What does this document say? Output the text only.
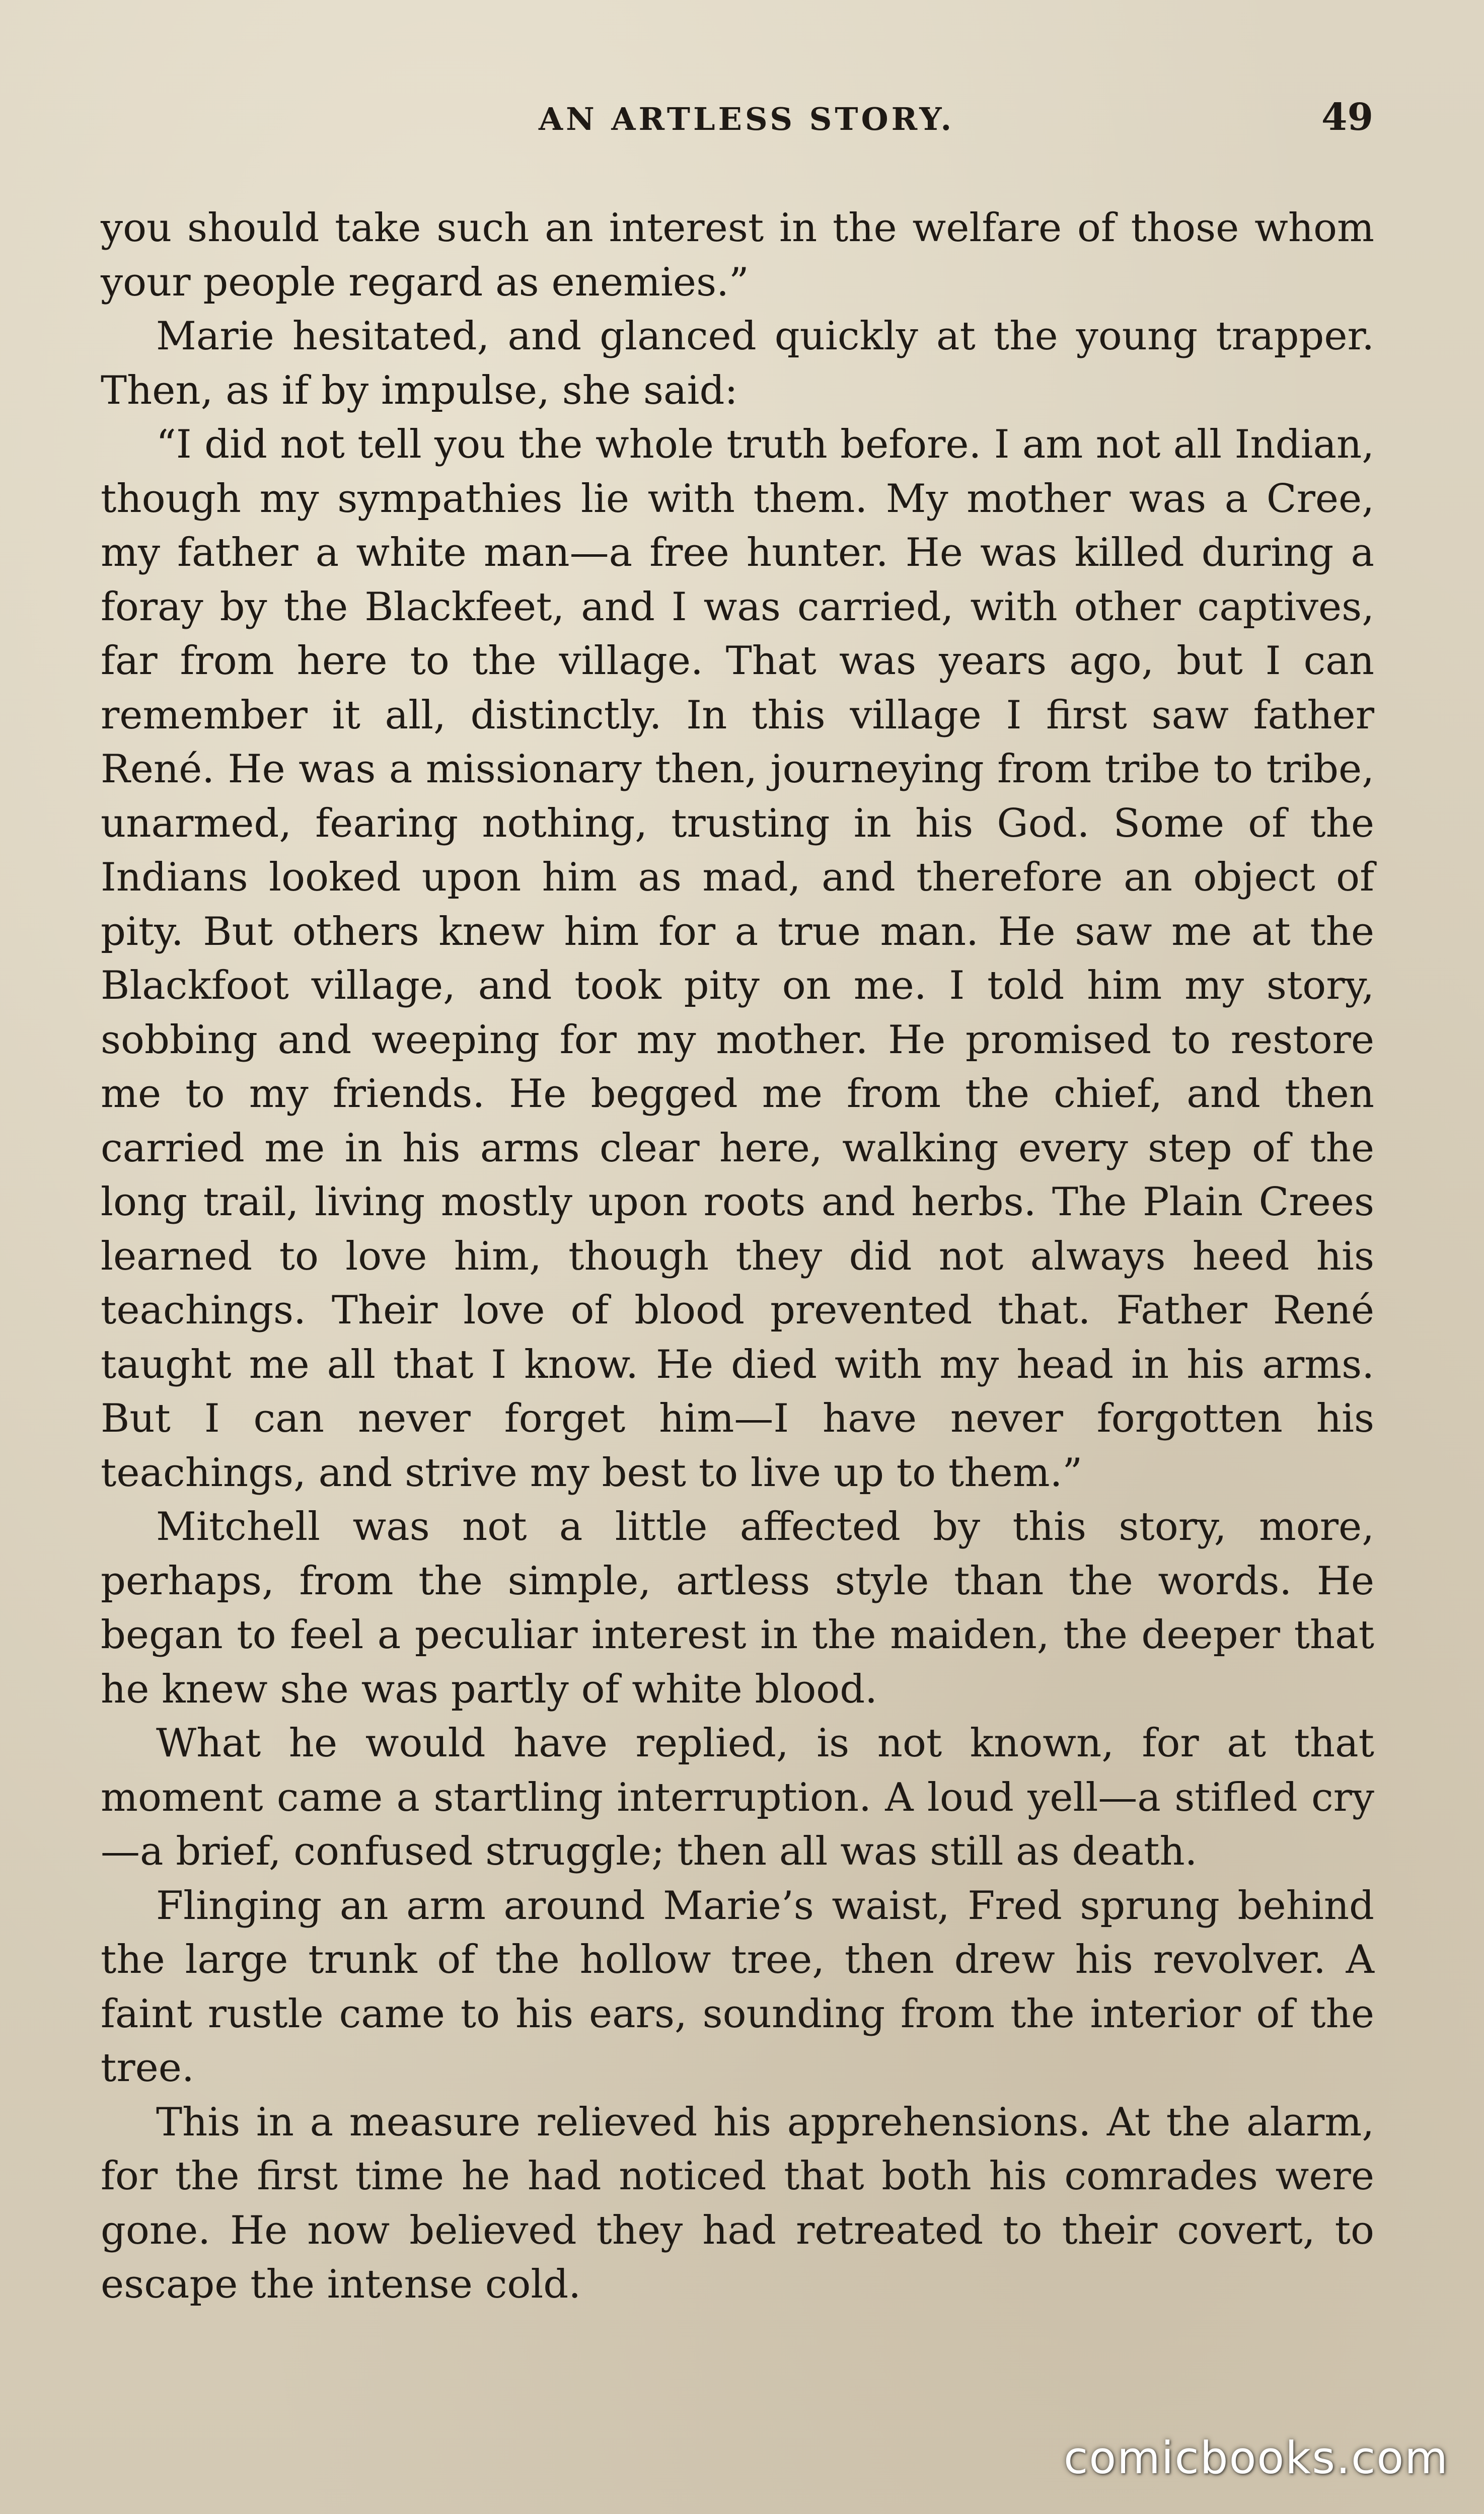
AN ARTLESS STORY.	49

you should take such an interest in the welfare of those whom your people regard as enemies.”

Marie hesitated, and glanced quickly at the young trapper. Then, as if by impulse, she said:

“I did not tell you the whole truth before. I am not all Indian, though my sympathies lie with them. My mother was a Cree, my father a white man—a free hunter. He was killed during a foray by the Blackfeet, and I was carried, with other captives, far from here to the village. That was years ago, but I can remember it all, distinctly. In this village I first saw father René. He was a missionary then, journeying from tribe to tribe, unarmed, fearing nothing, trusting in his God. Some of the Indians looked upon him as mad, and therefore an object of pity. But others knew him for a true man. He saw me at the Blackfoot village, and took pity on me. I told him my story, sobbing and weeping for my mother. He promised to restore me to my friends. He begged me from the chief, and then carried me in his arms clear here, walking every step of the long trail, living mostly upon roots and herbs. The Plain Crees learned to love him, though they did not always heed his teachings. Their love of blood prevented that. Father René taught me all that I know. He died with my head in his arms. But I can never forget him—I have never forgotten his teachings, and strive my best to live up to them.”

Mitchell was not a little affected by this story, more, perhaps, from the simple, artless style than the words. He began to feel a peculiar interest in the maiden, the deeper that he knew she was partly of white blood.

What he would have replied, is not known, for at that moment came a startling interruption. A loud yell—a stifled cry—a brief, confused struggle; then all was still as death.

Flinging an arm around Marie’s waist, Fred sprung behind the large trunk of the hollow tree, then drew his revolver. A faint rustle came to his ears, sounding from the interior of the tree.

This in a measure relieved his apprehensions. At the alarm, for the first time he had noticed that both his comrades were gone. He now believed they had retreated to their covert, to escape the intense cold.

comicbooks.com
